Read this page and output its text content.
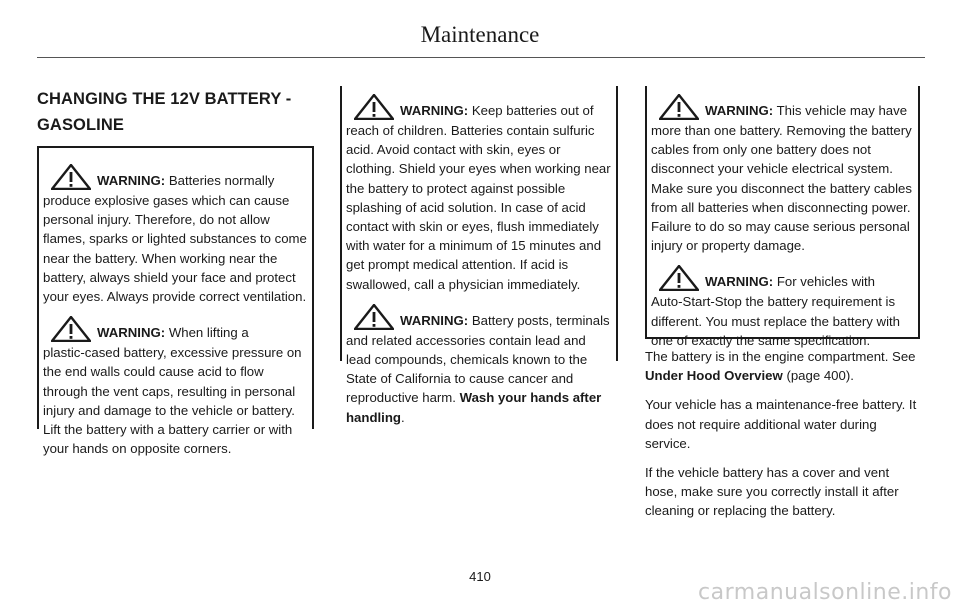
Maintenance
CHANGING THE 12V BATTERY - GASOLINE
WARNING: Batteries normally

produce explosive gases which can cause personal injury. Therefore, do not allow flames, sparks or lighted substances to come near the battery. When working near the battery, always shield your face and protect your eyes. Always provide correct ventilation.

WARNING: When lifting a

plastic-cased battery, excessive pressure on the end walls could cause acid to flow through the vent caps, resulting in personal injury and damage to the vehicle or battery. Lift the battery with a battery carrier or with your hands on opposite corners.

WARNING: Keep batteries out of

reach of children. Batteries contain sulfuric acid. Avoid contact with skin, eyes or clothing. Shield your eyes when working near the battery to protect against possible splashing of acid solution. In case of acid contact with skin or eyes, flush immediately with water for a minimum of 15 minutes and get prompt medical attention. If acid is swallowed, call a physician immediately.

WARNING: Battery posts, terminals

and related accessories contain lead and lead compounds, chemicals known to the State of California to cause cancer and reproductive harm. Wash your hands after handling.

WARNING: This vehicle may have

more than one battery. Removing the battery cables from only one battery does not disconnect your vehicle electrical system. Make sure you disconnect the battery cables from all batteries when disconnecting power. Failure to do so may cause serious personal injury or property damage.

WARNING: For vehicles with

Auto-Start-Stop the battery requirement is different. You must replace the battery with one of exactly the same specification.

The battery is in the engine compartment. See Under Hood Overview (page 400).

Your vehicle has a maintenance-free battery. It does not require additional water during service.

If the vehicle battery has a cover and vent hose, make sure you correctly install it after cleaning or replacing the battery.

410
carmanualsonline.info
